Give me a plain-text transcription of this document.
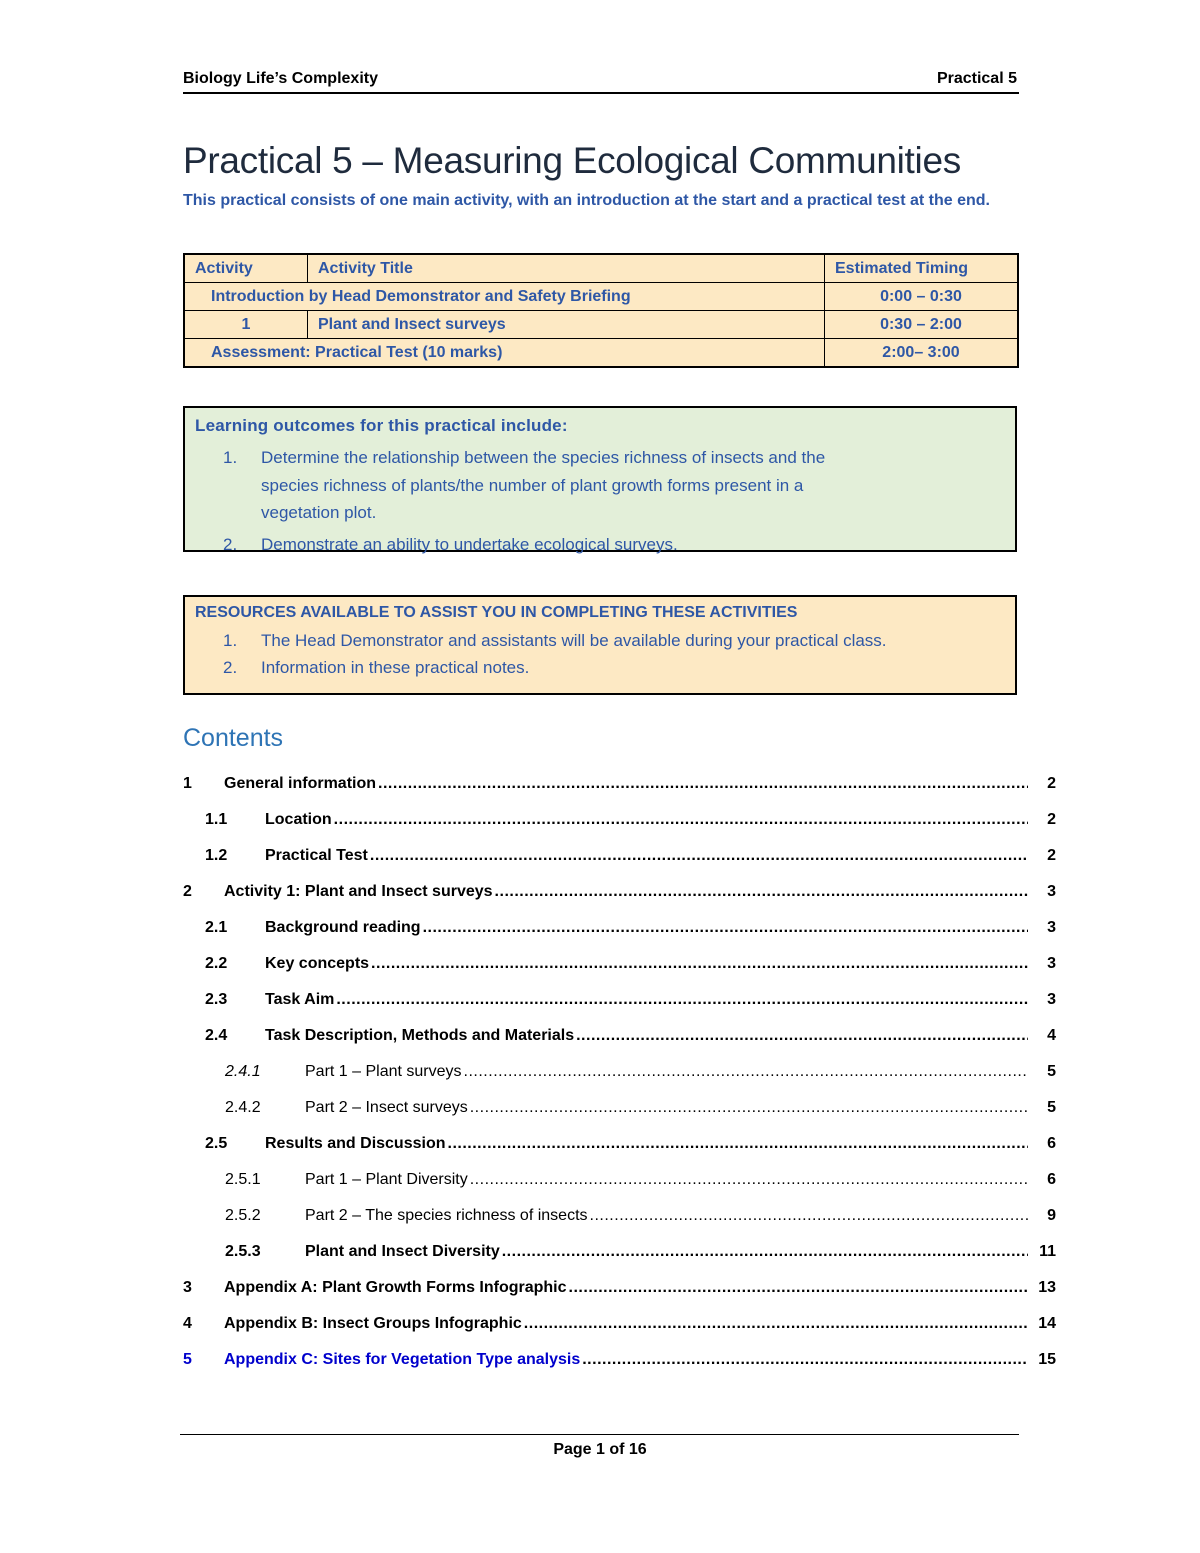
Biology Life’s Complexity	Practical 5
Practical 5 – Measuring Ecological Communities
This practical consists of one main activity, with an introduction at the start and a practical test at the end.
Activity	Activity Title	Estimated Timing
Introduction by Head Demonstrator and Safety Briefing		0:00 – 0:30
1	Plant and Insect surveys	0:30 – 2:00
Assessment: Practical Test (10 marks)		2:00– 3:00
Learning outcomes for this practical include:
1. Determine the relationship between the species richness of insects and the
species richness of plants/the number of plant growth forms present in a
vegetation plot.
2. Demonstrate an ability to undertake ecological surveys.
RESOURCES AVAILABLE TO ASSIST YOU IN COMPLETING THESE ACTIVITIES
1. The Head Demonstrator and assistants will be available during your practical class.
2. Information in these practical notes.
Contents
1	General information .....	2
1.1	Location .....	2
1.2	Practical Test .....	2
2	Activity 1: Plant and Insect surveys .....	3
2.1	Background reading .....	3
2.2	Key concepts .....	3
2.3	Task Aim .....	3
2.4	Task Description, Methods and Materials .....	4
2.4.1	Part 1 – Plant surveys .....	5
2.4.2	Part 2 – Insect surveys .....	5
2.5	Results and Discussion .....	6
2.5.1	Part 1 – Plant Diversity .....	6
2.5.2	Part 2 – The species richness of insects .....	9
2.5.3	Plant and Insect Diversity .....	11
3	Appendix A: Plant Growth Forms Infographic .....	13
4	Appendix B: Insect Groups Infographic .....	14
5	Appendix C: Sites for Vegetation Type analysis .....	15
Page 1 of 16
